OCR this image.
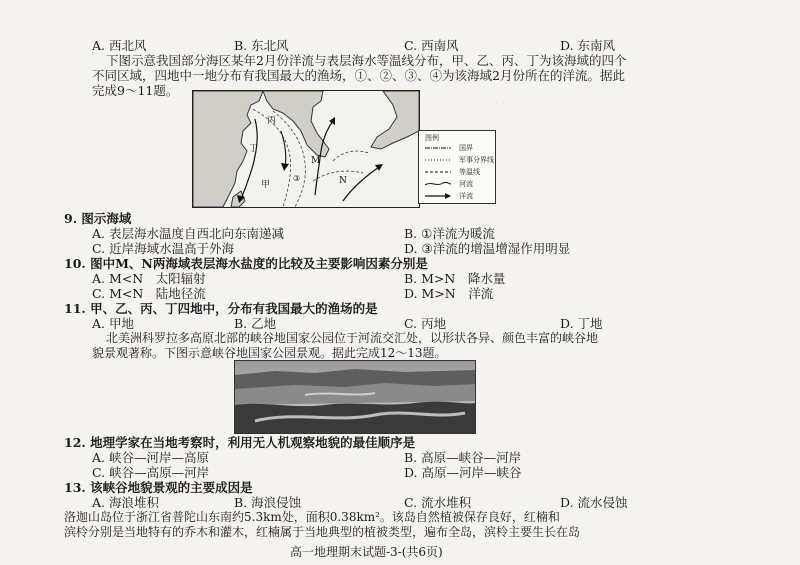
· · · · · · · ·
A. 西北风	B. 东北风	C. 西南风	D. 东南风
下图示意我国部分海区某年2月份洋流与表层海水等温线分布，甲、乙、丙、丁为该海域的四个
不同区域，四地中一地分布有我国最大的渔场，①、②、③、④为该海域2月份所在的洋流。据此
完成9～11题。
丙
丁
M
N
③
甲
图例
国界
军事分界线
等温线
河流
洋流
9. 图示海域
A. 表层海水温度自西北向东南递减	B. ①洋流为暖流
C. 近岸海域水温高于外海	D. ③洋流的增温增湿作用明显
10. 图中M、N两海域表层海水盐度的比较及主要影响因素分别是
A. M<N　太阳辐射	B. M>N　降水量
C. M<N　陆地径流	D. M>N　洋流
11. 甲、乙、丙、丁四地中，分布有我国最大的渔场的是
A. 甲地	B. 乙地	C. 丙地	D. 丁地
北美洲科罗拉多高原北部的峡谷地国家公园位于河流交汇处，以形状各异、颜色丰富的峡谷地
貌景观著称。下图示意峡谷地国家公园景观。据此完成12～13题。
12. 地理学家在当地考察时，利用无人机观察地貌的最佳顺序是
A. 峡谷—河岸—高原	B. 高原—峡谷—河岸
C. 峡谷—高原—河岸	D. 高原—河岸—峡谷
13. 该峡谷地貌景观的主要成因是
A. 海浪堆积	B. 海浪侵蚀	C. 流水堆积	D. 流水侵蚀
洛迦山岛位于浙江省普陀山东南约5.3km处，面积0.38km²。该岛自然植被保存良好，红楠和
滨柃分别是当地特有的乔木和灌木，红楠属于当地典型的植被类型，遍布全岛，滨柃主要生长在岛
高一地理期末试题-3-(共6页)
